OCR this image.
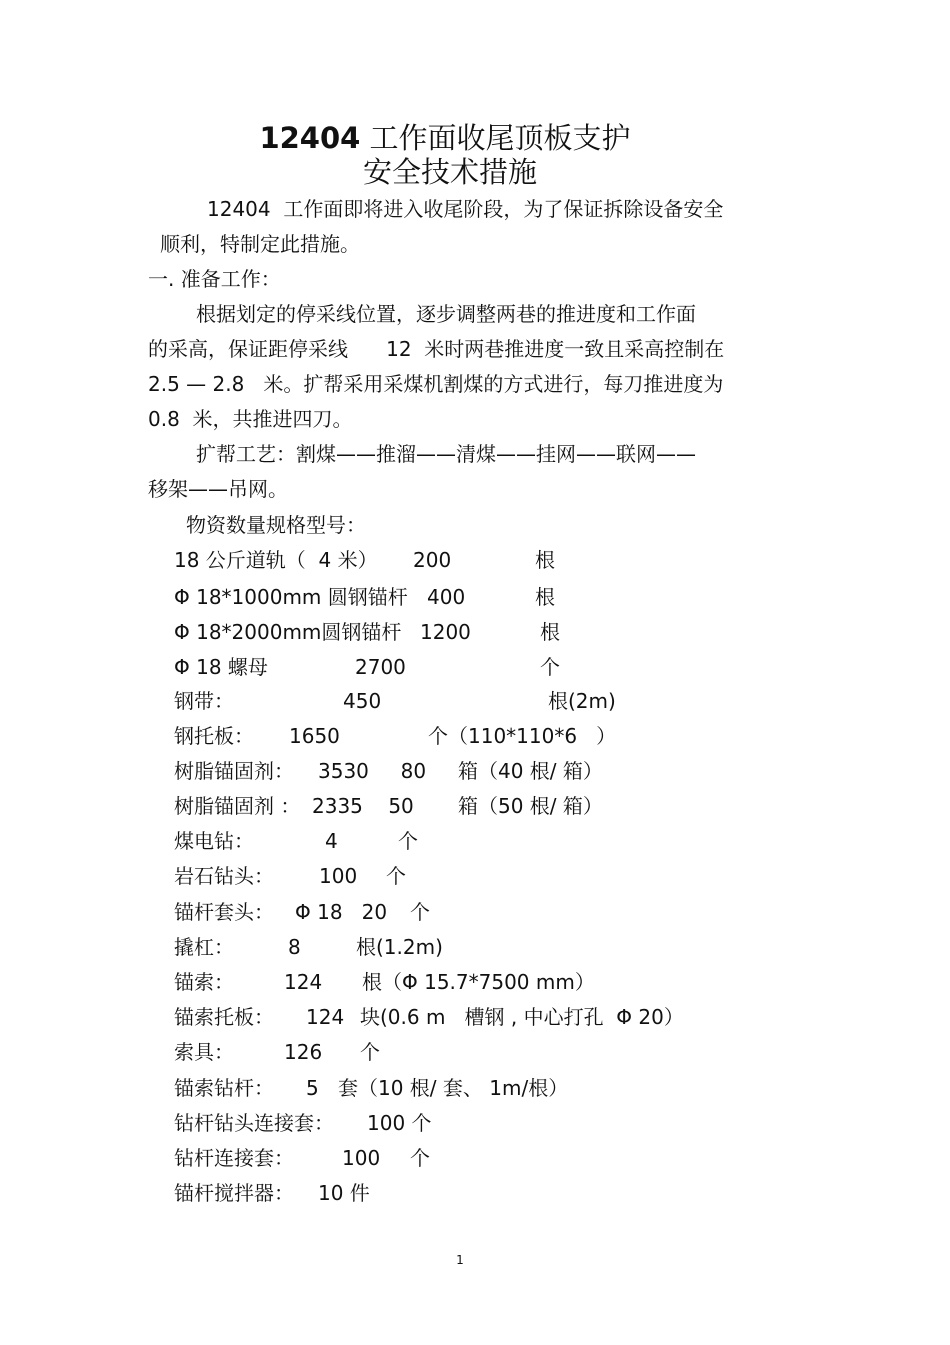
12404 工作面收尾顶板支护
安全技术措施
12404  工作面即将进入收尾阶段，为了保证拆除设备安全
顺利，特制定此措施。
一. 准备工作：
根据划定的停采线位置，逐步调整两巷的推进度和工作面
的采高，保证距停采线      12  米时两巷推进度一致且采高控制在
2.5 — 2.8   米。扩帮采用采煤机割煤的方式进行，每刀推进度为
0.8  米，共推进四刀。
扩帮工艺：割煤——推溜——清煤——挂网——联网——
移架——吊网。
物资数量规格型号：
18 公斤道轨（  4 米） 200	根
Φ 18*1000mm 圆钢锚杆 400	根
Φ 18*2000mm圆钢锚杆 1200	根
Φ 18 螺母	2700	个
钢带：	450	根(2m)
钢托板： 1650	个（110*110*6   ）
树脂锚固剂： 3530     80 箱（40 根/ 箱）
树脂锚固剂 ： 2335    50 箱（50 根/ 箱）
煤电钻：	4	个
岩石钻头： 100 个
锚杆套头： Φ 18   20 个
撬杠：	8	根(1.2m)
锚索：	124 根（Φ 15.7*7500 mm）
锚索托板： 124 块(0.6 m   槽钢 , 中心打孔  Φ 20）
索具：	126 个
锚索钻杆： 5 套（10 根/ 套、 1m/根）
钻杆钻头连接套： 100 个
钻杆连接套： 100 个
锚杆搅拌器： 10 件
1
